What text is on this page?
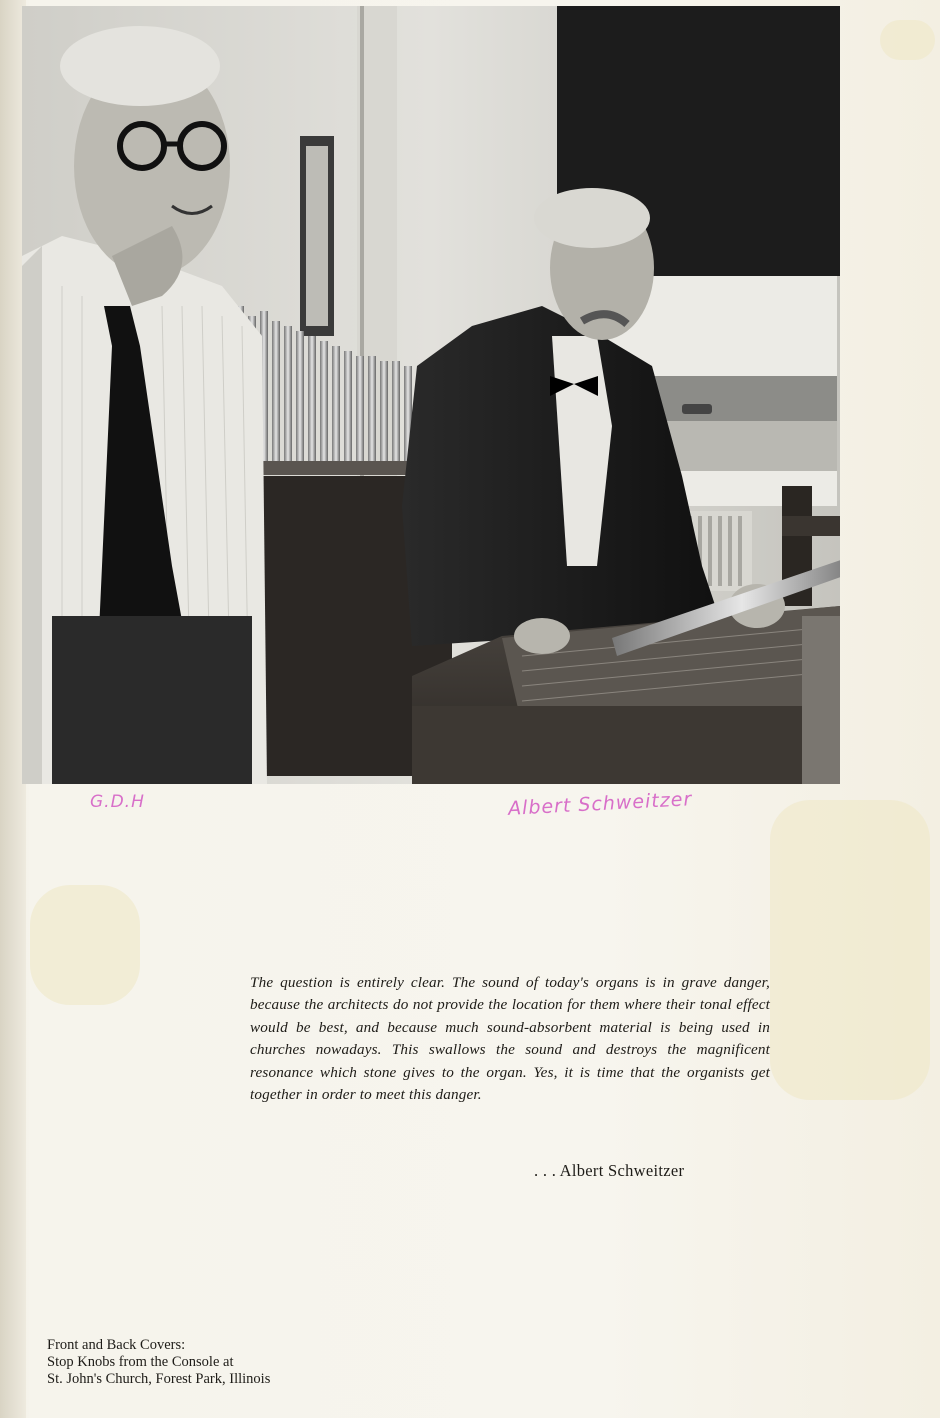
G.D.H	Albert Schweitzer

The question is entirely clear. The sound of today's organs is in grave danger, because the architects do not provide the location for them where their tonal effect would be best, and because much sound-absorbent material is being used in churches nowadays. This swallows the sound and destroys the magnificent resonance which stone gives to the organ. Yes, it is time that the organists get together in order to meet this danger.

. . . Albert Schweitzer

Front and Back Covers:
Stop Knobs from the Console at
St. John's Church, Forest Park, Illinois
